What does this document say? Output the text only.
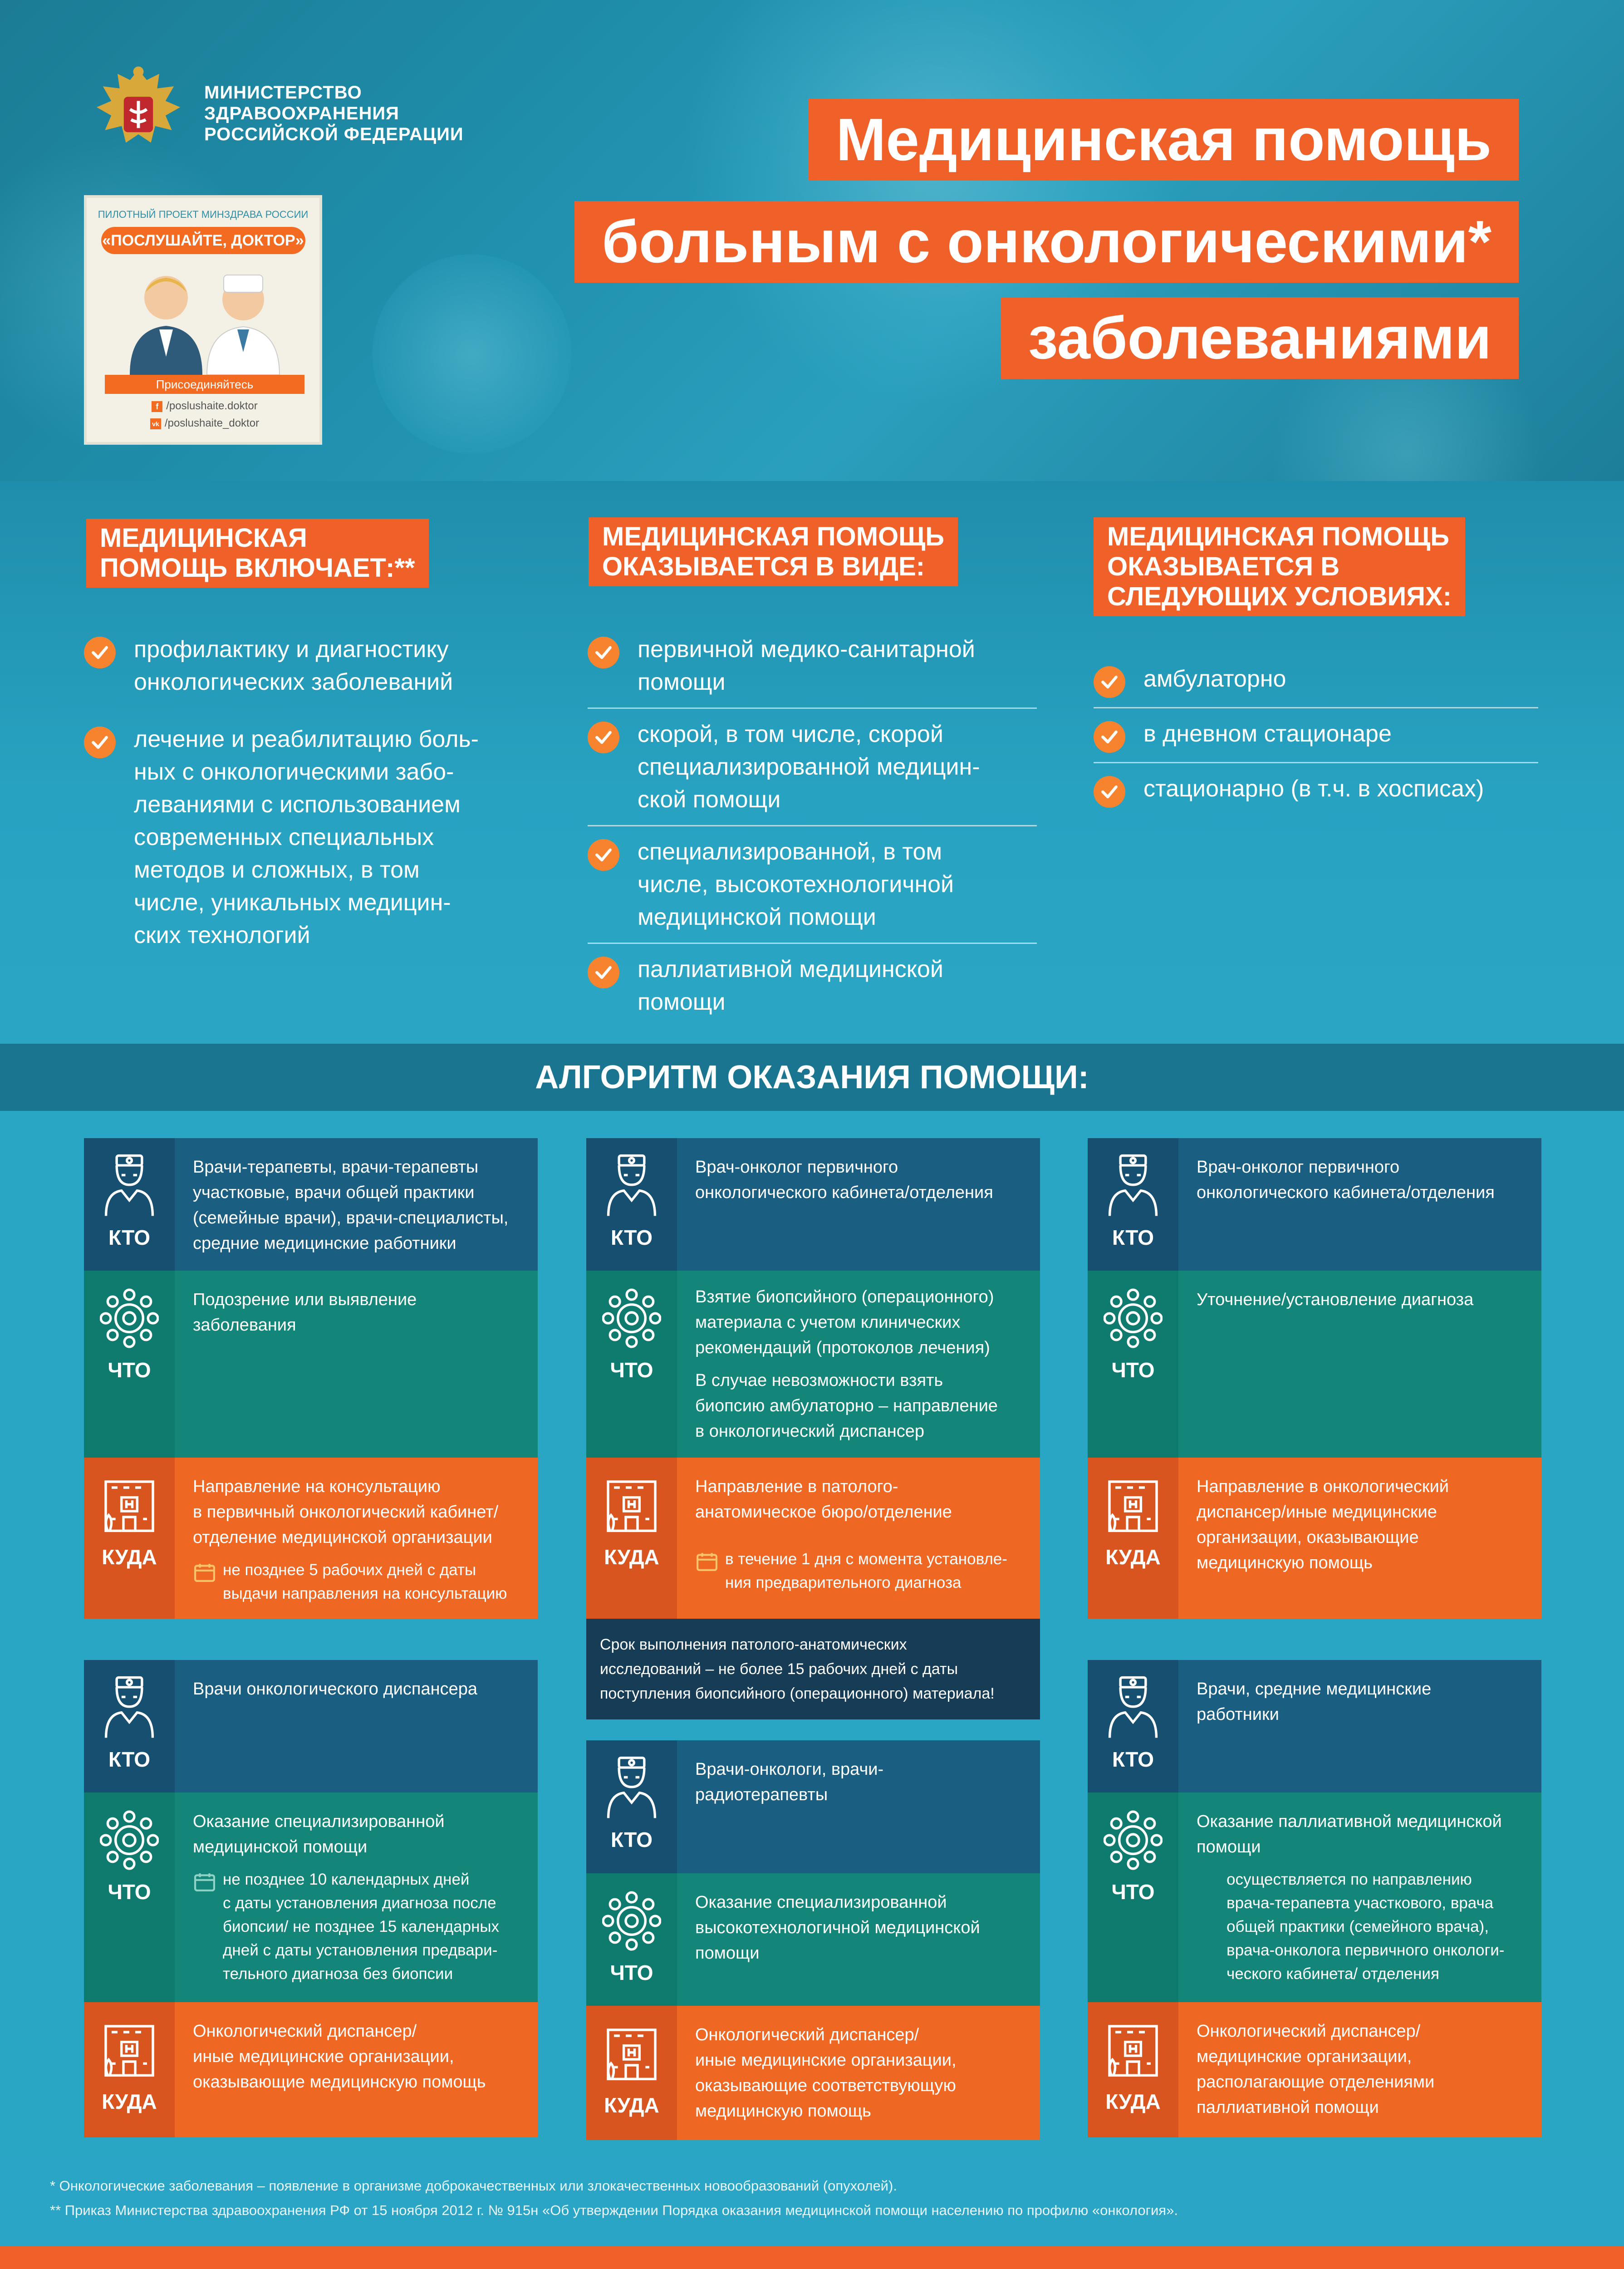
МИНИСТЕРСТВО
ЗДРАВООХРАНЕНИЯ
РОССИЙСКОЙ ФЕДЕРАЦИИ
ПИЛОТНЫЙ ПРОЕКТ МИНЗДРАВА РОССИИ
«ПОСЛУШАЙТЕ, ДОКТОР»
Присоединяйтесь
f /poslushaite.doktor
vk /poslushaite_doktor
Медицинская помощь
больным с онкологическими*
заболеваниями
МЕДИЦИНСКАЯ
ПОМОЩЬ ВКЛЮЧАЕТ:**
профилактику и диагностику
онкологических заболеваний
лечение и реабилитацию боль-
ных с онкологическими забо-
леваниями с использованием
современных специальных
методов и сложных, в том
числе, уникальных медицин-
ских технологий
МЕДИЦИНСКАЯ ПОМОЩЬ
ОКАЗЫВАЕТСЯ В ВИДЕ:
первичной медико-санитарной
помощи
скорой, в том числе, скорой
специализированной медицин-
ской помощи
специализированной, в том
числе, высокотехнологичной
медицинской помощи
паллиативной медицинской
помощи
МЕДИЦИНСКАЯ ПОМОЩЬ
ОКАЗЫВАЕТСЯ В
СЛЕДУЮЩИХ УСЛОВИЯХ:
амбулаторно
в дневном стационаре
стационарно (в т.ч. в хосписах)
АЛГОРИТМ ОКАЗАНИЯ ПОМОЩИ:
КТО
Врачи-терапевты, врачи-терапевты
участковые, врачи общей практики
(семейные врачи), врачи-специалисты,
средние медицинские работники
ЧТО
Подозрение или выявление
заболевания
КУДА
Направление на консультацию
в первичный онкологический кабинет/
отделение медицинской организации
не позднее 5 рабочих дней с даты
выдачи направления на консультацию
КТО
Врач-онколог первичного
онкологического кабинета/отделения
ЧТО
Взятие биопсийного (операционного)
материала с учетом клинических
рекомендаций (протоколов лечения)
В случае невозможности взять
биопсию амбулаторно – направление
в онкологический диспансер
КУДА
Направление в патолого-
анатомическое бюро/отделение
в течение 1 дня с момента установле-
ния предварительного диагноза
Срок выполнения патолого-анатомических
исследований – не более 15 рабочих дней с даты
поступления биопсийного (операционного) материала!
КТО
Врач-онколог первичного
онкологического кабинета/отделения
ЧТО
Уточнение/установление диагноза
КУДА
Направление в онкологический
диспансер/иные медицинские
организации, оказывающие
медицинскую помощь
КТО
Врачи онкологического диспансера
ЧТО
Оказание специализированной
медицинской помощи
не позднее 10 календарных дней
с даты установления диагноза после
биопсии/ не позднее 15 календарных
дней с даты установления предвари-
тельного диагноза без биопсии
КУДА
Онкологический диспансер/
иные медицинские организации,
оказывающие медицинскую помощь
КТО
Врачи-онкологи, врачи-
радиотерапевты
ЧТО
Оказание специализированной
высокотехнологичной медицинской
помощи
КУДА
Онкологический диспансер/
иные медицинские организации,
оказывающие соответствующую
медицинскую помощь
КТО
Врачи, средние медицинские
работники
ЧТО
Оказание паллиативной медицинской
помощи
осуществляется по направлению
врача-терапевта участкового, врача
общей практики (семейного врача),
врача-онколога первичного онкологи-
ческого кабинета/ отделения
КУДА
Онкологический диспансер/
медицинские организации,
располагающие отделениями
паллиативной помощи
* Онкологические заболевания – появление в организме доброкачественных или злокачественных новообразований (опухолей).
** Приказ Министерства здравоохранения РФ от 15 ноября 2012 г. № 915н «Об утверждении Порядка оказания медицинской помощи населению по профилю «онкология».
